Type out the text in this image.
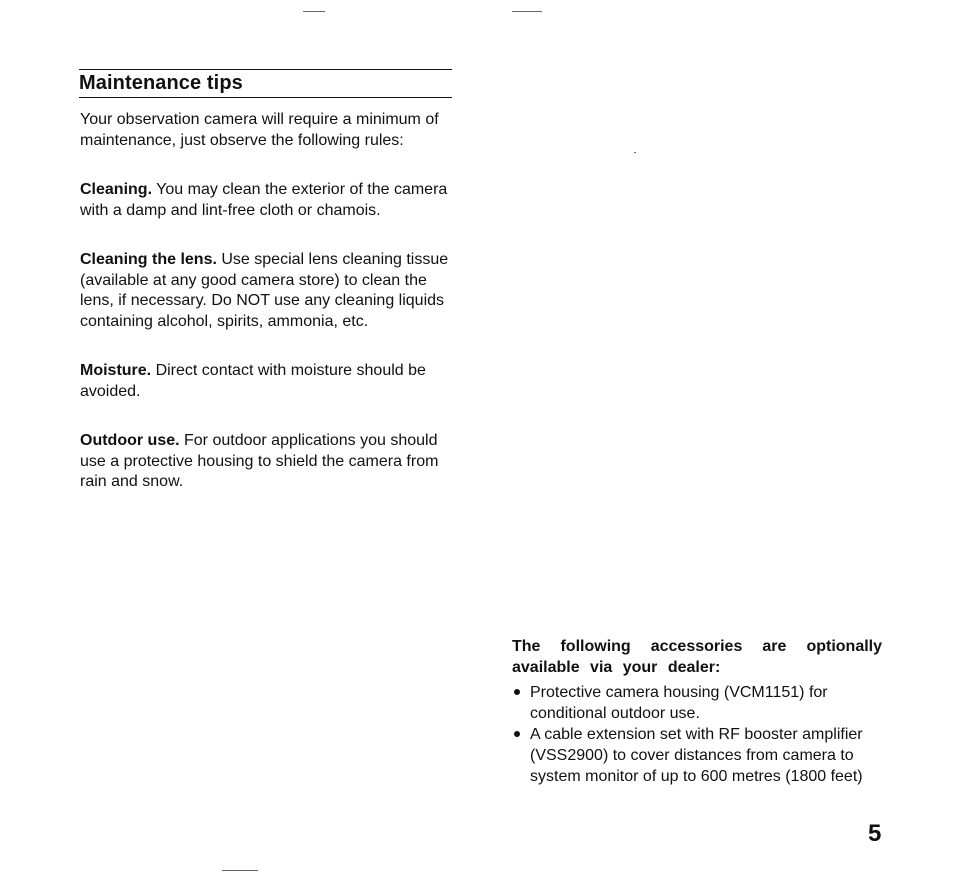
Maintenance tips

Your observation camera will require a minimum of maintenance, just observe the following rules:

Cleaning. You may clean the exterior of the camera with a damp and lint-free cloth or chamois.

Cleaning the lens. Use special lens cleaning tissue (available at any good camera store) to clean the lens, if necessary. Do NOT use any cleaning liquids containing alcohol, spirits, ammonia, etc.

Moisture. Direct contact with moisture should be avoided.

Outdoor use. For outdoor applications you should use a protective housing to shield the camera from rain and snow.

The following accessories are optionally available via your dealer:

Protective camera housing (VCM1151) for conditional outdoor use.
A cable extension set with RF booster amplifier (VSS2900) to cover distances from camera to system monitor of up to 600 metres (1800 feet)
5
